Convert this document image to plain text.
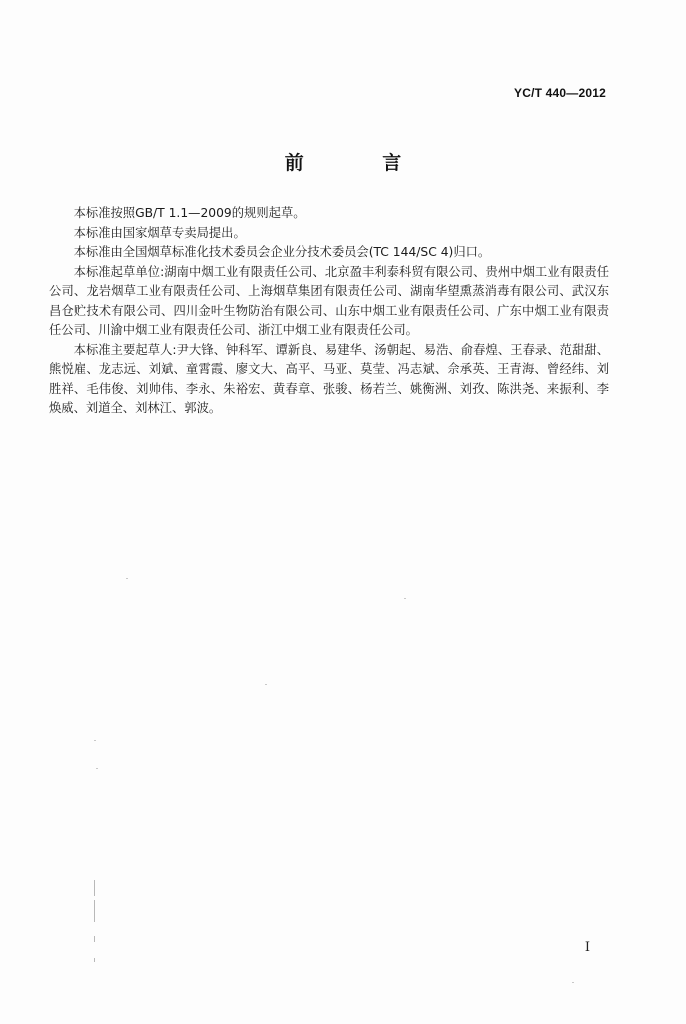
YC/T 440—2012
前 言

本标准按照GB/T 1.1—2009的规则起草。

本标准由国家烟草专卖局提出。

本标准由全国烟草标准化技术委员会企业分技术委员会(TC 144/SC 4)归口。

本标准起草单位:湖南中烟工业有限责任公司、北京盈丰利泰科贸有限公司、贵州中烟工业有限责任公司、龙岩烟草工业有限责任公司、上海烟草集团有限责任公司、湖南华望熏蒸消毒有限公司、武汉东昌仓贮技术有限公司、四川金叶生物防治有限公司、山东中烟工业有限责任公司、广东中烟工业有限责任公司、川渝中烟工业有限责任公司、浙江中烟工业有限责任公司。

本标准主要起草人:尹大锋、钟科军、谭新良、易建华、汤朝起、易浩、俞春煌、王春录、范甜甜、熊悦雇、龙志远、刘斌、童霄霞、廖文大、高平、马亚、莫莹、冯志斌、佘承英、王青海、曾经纬、刘胜祥、毛伟俊、刘帅伟、李永、朱裕宏、黄春章、张骏、杨若兰、姚衡洲、刘孜、陈洪尧、来振利、李焕威、刘道全、刘林江、郭波。

I
